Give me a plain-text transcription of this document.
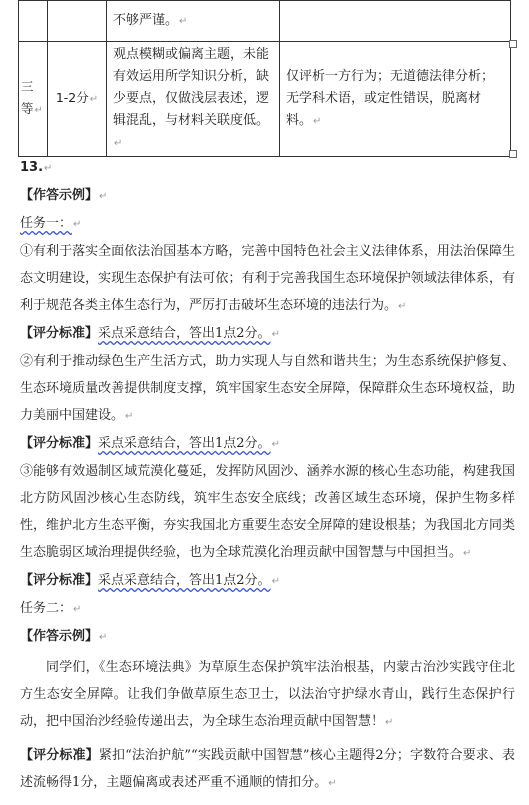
		不够严谨。↵	
三等↵	1-2分↵	观点模糊或偏离主题，未能有效运用所学知识分析，缺少要点，仅做浅层表述，逻辑混乱，与材料关联度低。↵	仅评析一方行为；无道德法律分析；无学科术语，或定性错误，脱离材料。↵

13.↵

【作答示例】↵

任务一：↵

①有利于落实全面依法治国基本方略，完善中国特色社会主义法律体系，用法治保障生态文明建设，实现生态保护有法可依；有利于完善我国生态环境保护领域法律体系，有利于规范各类主体生态行为，严厉打击破坏生态环境的违法行为。↵

【评分标准】采点采意结合，答出1点2分。↵

②有利于推动绿色生产生活方式，助力实现人与自然和谐共生；为生态系统保护修复、生态环境质量改善提供制度支撑，筑牢国家生态安全屏障，保障群众生态环境权益，助力美丽中国建设。↵

【评分标准】采点采意结合，答出1点2分。↵

③能够有效遏制区域荒漠化蔓延，发挥防风固沙、涵养水源的核心生态功能，构建我国北方防风固沙核心生态防线，筑牢生态安全底线；改善区域生态环境，保护生物多样性，维护北方生态平衡，夯实我国北方重要生态安全屏障的建设根基；为我国北方同类生态脆弱区域治理提供经验，也为全球荒漠化治理贡献中国智慧与中国担当。↵

【评分标准】采点采意结合，答出1点2分。↵

任务二：↵

【作答示例】↵

同学们，《生态环境法典》为草原生态保护筑牢法治根基，内蒙古治沙实践守住北方生态安全屏障。让我们争做草原生态卫士，以法治守护绿水青山，践行生态保护行动，把中国治沙经验传递出去，为全球生态治理贡献中国智慧！↵

【评分标准】紧扣“法治护航”“实践贡献中国智慧”核心主题得2分；字数符合要求、表述流畅得1分，主题偏离或表述严重不通顺的情扣分。↵
